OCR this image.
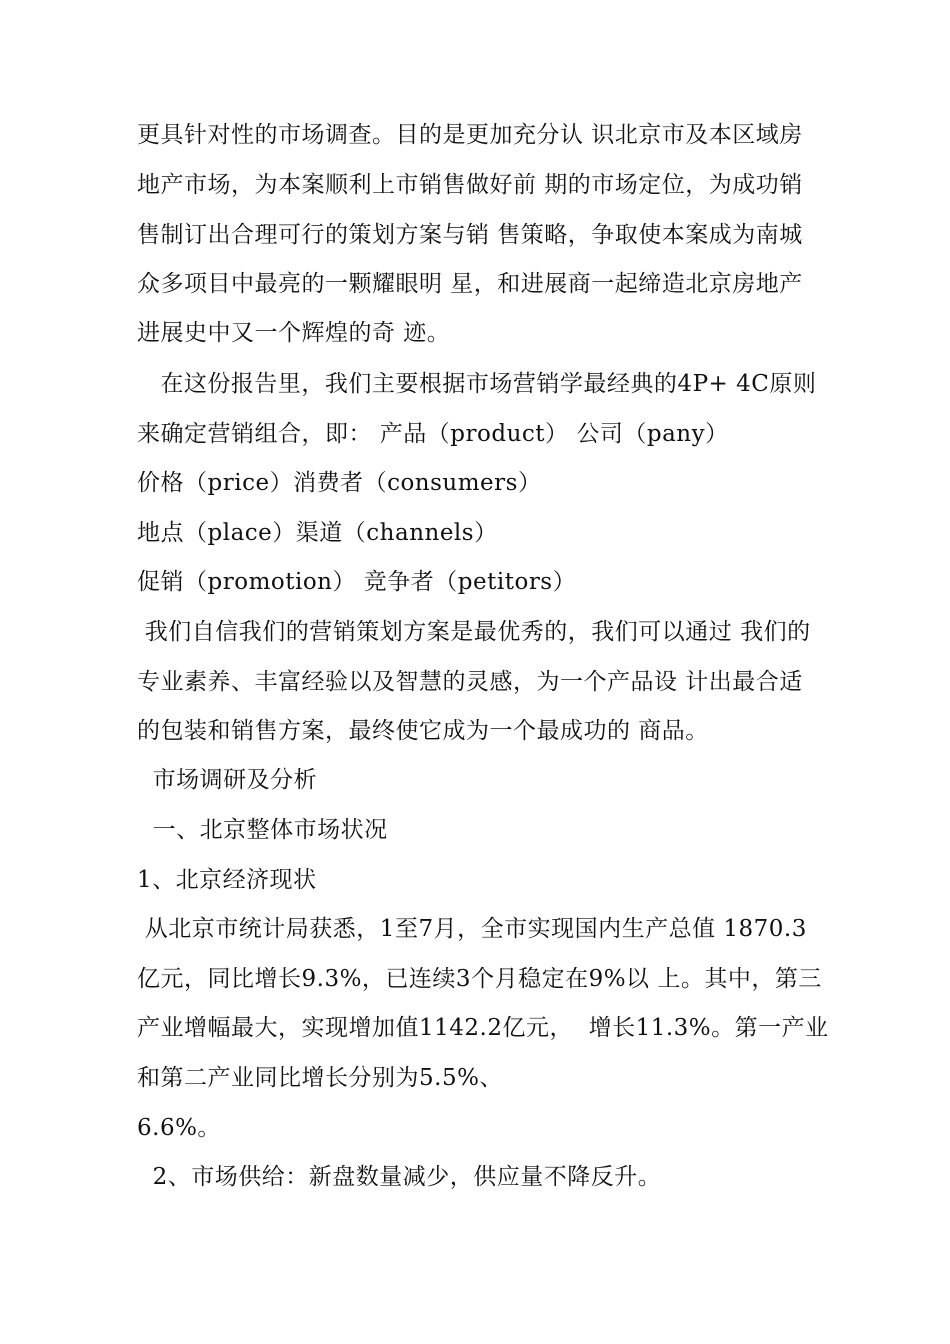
更具针对性的市场调查。目的是更加充分认 识北京市及本区域房
地产市场，为本案顺利上市销售做好前 期的市场定位，为成功销
售制订出合理可行的策划方案与销 售策略，争取使本案成为南城
众多项目中最亮的一颗耀眼明 星，和进展商一起缔造北京房地产
进展史中又一个辉煌的奇 迹。
在这份报告里，我们主要根据市场营销学最经典的4P+ 4C原则
来确定营销组合，即： 产品（product） 公司（pany）
价格（price）消费者（consumers）
地点（place）渠道（channels）
促销（promotion） 竞争者（petitors）
我们自信我们的营销策划方案是最优秀的，我们可以通过 我们的
专业素养、丰富经验以及智慧的灵感，为一个产品设 计出最合适
的包装和销售方案，最终使它成为一个最成功的 商品。
市场调研及分析
一、北京整体市场状况
1、北京经济现状
从北京市统计局获悉，1至7月，全市实现国内生产总值 1870.3
亿元，同比增长9.3%，已连续3个月稳定在9%以 上。其中，第三
产业增幅最大，实现增加值1142.2亿元，  增长11.3%。第一产业
和第二产业同比增长分别为5.5%、
6.6%。
2、市场供给：新盘数量减少，供应量不降反升。
